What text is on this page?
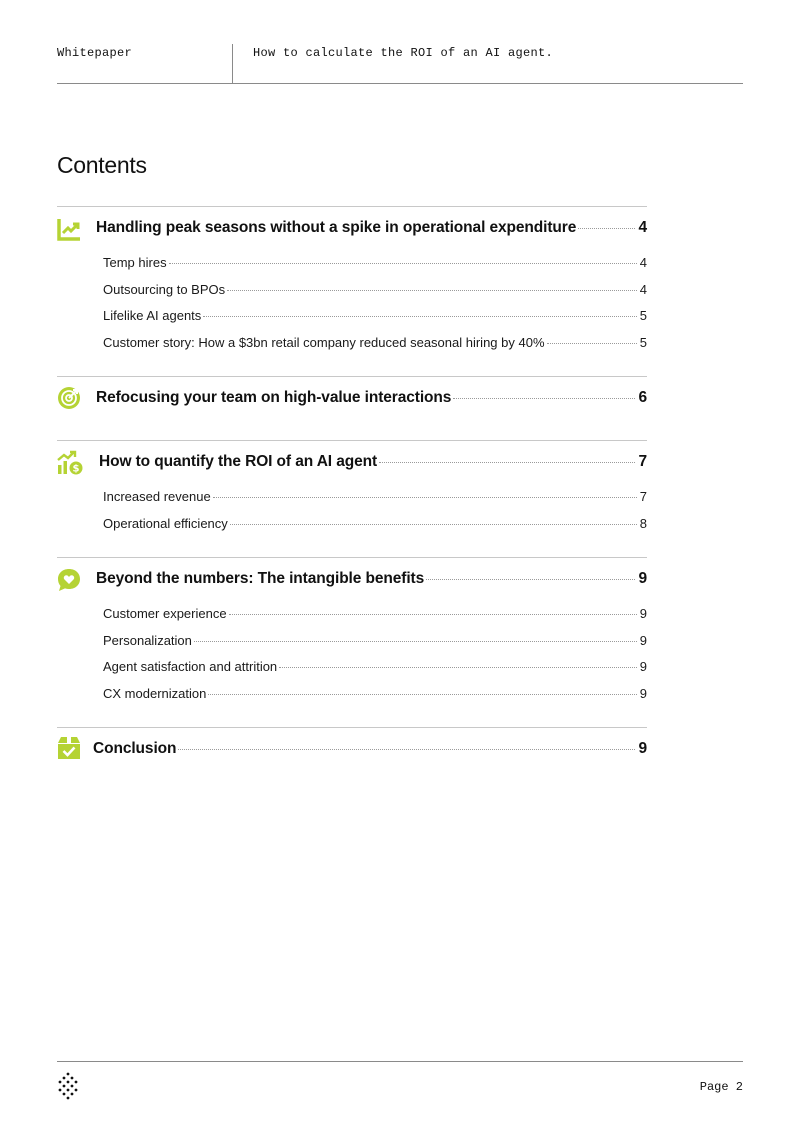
Whitepaper	How to calculate the ROI of an AI agent.
Contents
Handling peak seasons without a spike in operational expenditure	4
Temp hires	4
Outsourcing to BPOs	4
Lifelike AI agents	5
Customer story: How a $3bn retail company reduced seasonal hiring by 40%	5
Refocusing your team on high-value interactions	6
$ How to quantify the ROI of an AI agent	7
Increased revenue	7
Operational efficiency	8
Beyond the numbers: The intangible benefits	9
Customer experience	9
Personalization	9
Agent satisfaction and attrition	9
CX modernization	9
Conclusion	9
Page 2
